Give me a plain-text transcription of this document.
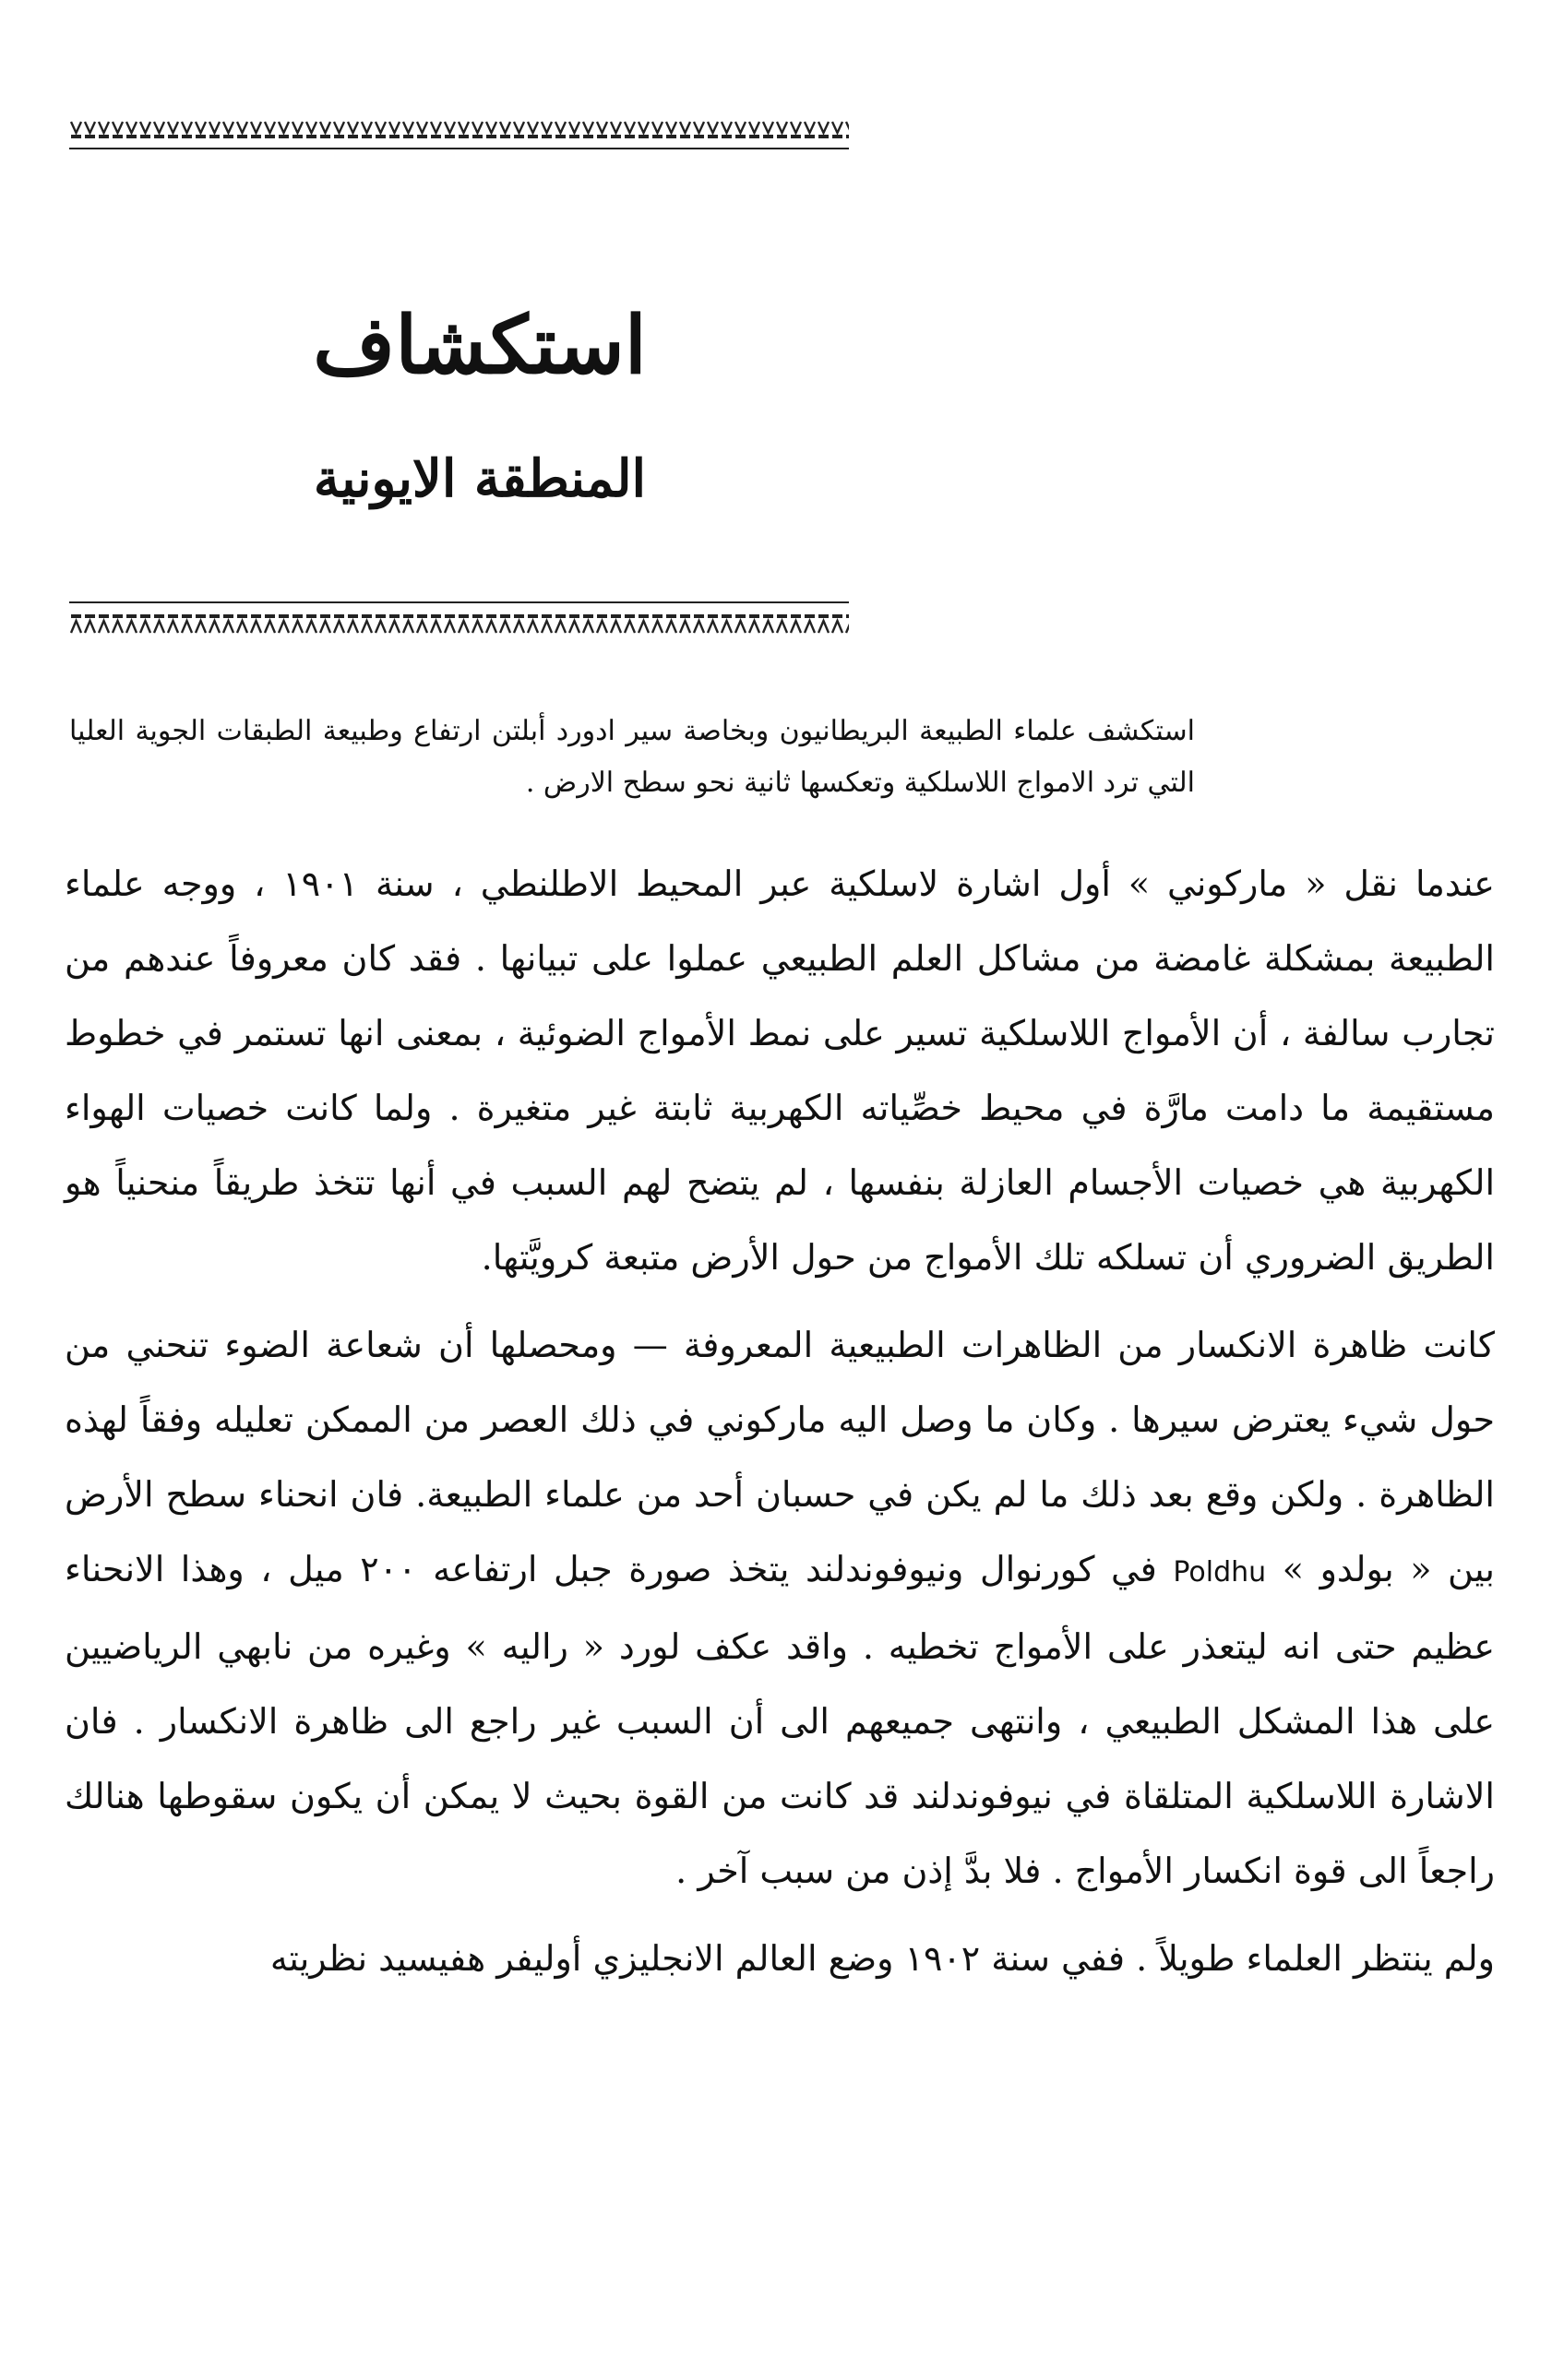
استكشاف
المنطقة الايونية

استكشف علماء الطبيعة البريطانيون وبخاصة سير ادورد أبلتن ارتفاع وطبيعة الطبقات الجوية العليا التي ترد الامواج اللاسلكية وتعكسها ثانية نحو سطح الارض .

عندما نقل « ماركوني » أول اشارة لاسلكية عبر المحيط الاطلنطي ، سنة ١٩٠١ ، ووجه علماء الطبيعة بمشكلة غامضة من مشاكل العلم الطبيعي عملوا على تبيانها . فقد كان معروفاً عندهم من تجارب سالفة ، أن الأمواج اللاسلكية تسير على نمط الأمواج الضوئية ، بمعنى انها تستمر في خطوط مستقيمة ما دامت مارَّة في محيط خصِّياته الكهربية ثابتة غير متغيرة . ولما كانت خصيات الهواء الكهربية هي خصيات الأجسام العازلة بنفسها ، لم يتضح لهم السبب في أنها تتخذ طريقاً منحنياً هو الطريق الضروري أن تسلكه تلك الأمواج من حول الأرض متبعة كرويَّتها.

كانت ظاهرة الانكسار من الظاهرات الطبيعية المعروفة — ومحصلها أن شعاعة الضوء تنحني من حول شيء يعترض سيرها . وكان ما وصل اليه ماركوني في ذلك العصر من الممكن تعليله وفقاً لهذه الظاهرة . ولكن وقع بعد ذلك ما لم يكن في حسبان أحد من علماء الطبيعة. فان انحناء سطح الأرض بين « بولدو » Poldhu في كورنوال ونيوفوندلند يتخذ صورة جبل ارتفاعه ٢٠٠ ميل ، وهذا الانحناء عظيم حتى انه ليتعذر على الأمواج تخطيه . واقد عكف لورد « راليه » وغيره من نابهي الرياضيين على هذا المشكل الطبيعي ، وانتهى جميعهم الى أن السبب غير راجع الى ظاهرة الانكسار . فان الاشارة اللاسلكية المتلقاة في نيوفوندلند قد كانت من القوة بحيث لا يمكن أن يكون سقوطها هنالك راجعاً الى قوة انكسار الأمواج . فلا بدَّ إذن من سبب آخر .

ولم ينتظر العلماء طويلاً . ففي سنة ١٩٠٢ وضع العالم الانجليزي أوليفر هفيسيد نظريته
